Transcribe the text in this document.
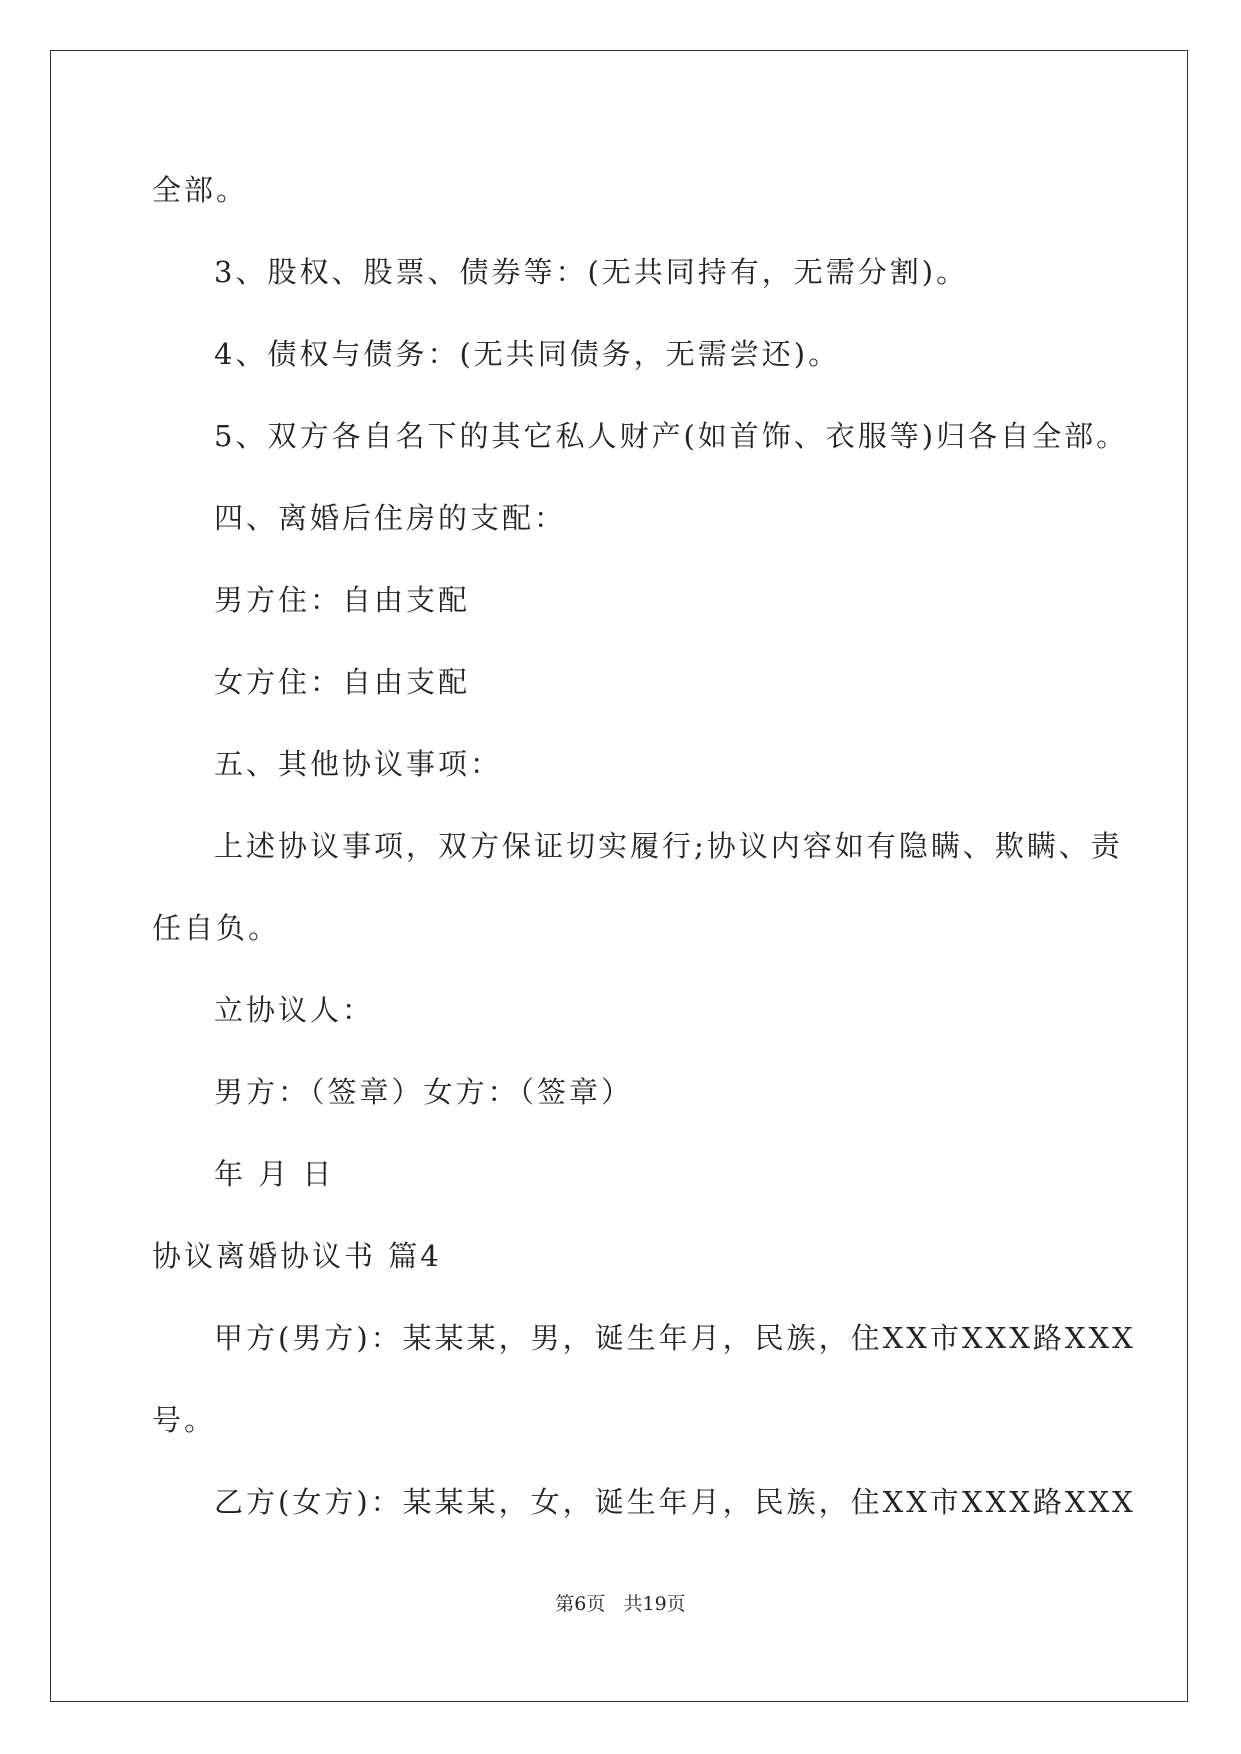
全部。
3、股权、股票、债券等：(无共同持有，无需分割)。
4、债权与债务：(无共同债务，无需尝还)。
5、双方各自名下的其它私人财产(如首饰、衣服等)归各自全部。
四、离婚后住房的支配：
男方住：自由支配
女方住：自由支配
五、其他协议事项：
上述协议事项，双方保证切实履行;协议内容如有隐瞒、欺瞒、责
任自负。
立协议人：
男方：（签章）女方：（签章）
年 月 日
协议离婚协议书 篇4
甲方(男方)：某某某，男，诞生年月，民族，住XX市XXX路XXX
号。
乙方(女方)：某某某，女，诞生年月，民族，住XX市XXX路XXX
第6页   共19页
